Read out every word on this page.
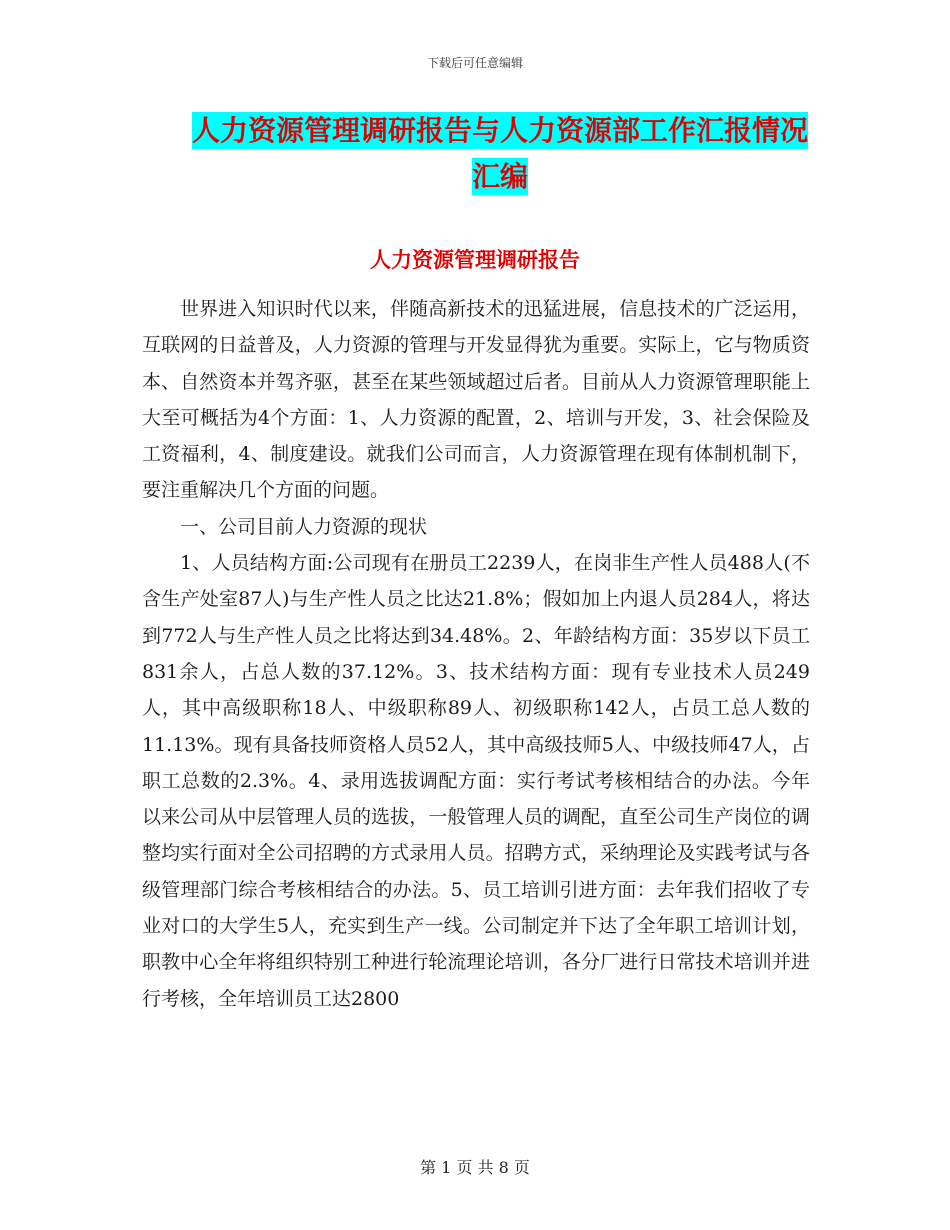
下载后可任意编辑
人力资源管理调研报告与人力资源部工作汇报情况汇编
人力资源管理调研报告

世界进入知识时代以来，伴随高新技术的迅猛进展，信息技术的广泛运用，互联网的日益普及，人力资源的管理与开发显得犹为重要。实际上，它与物质资本、自然资本并驾齐驱，甚至在某些领域超过后者。目前从人力资源管理职能上大至可概括为4个方面：1、人力资源的配置，2、培训与开发，3、社会保险及工资福利，4、制度建设。就我们公司而言，人力资源管理在现有体制机制下，要注重解决几个方面的问题。

一、公司目前人力资源的现状

1、人员结构方面:公司现有在册员工2239人，在岗非生产性人员488人(不含生产处室87人)与生产性人员之比达21.8%；假如加上内退人员284人，将达到772人与生产性人员之比将达到34.48%。2、年龄结构方面：35岁以下员工831余人，占总人数的37.12%。3、技术结构方面：现有专业技术人员249人，其中高级职称18人、中级职称89人、初级职称142人，占员工总人数的11.13%。现有具备技师资格人员52人，其中高级技师5人、中级技师47人，占职工总数的2.3%。4、录用选拔调配方面：实行考试考核相结合的办法。今年以来公司从中层管理人员的选拔，一般管理人员的调配，直至公司生产岗位的调整均实行面对全公司招聘的方式录用人员。招聘方式，采纳理论及实践考试与各级管理部门综合考核相结合的办法。5、员工培训引进方面：去年我们招收了专业对口的大学生5人，充实到生产一线。公司制定并下达了全年职工培训计划，职教中心全年将组织特别工种进行轮流理论培训，各分厂进行日常技术培训并进行考核，全年培训员工达2800

第 1 页 共 8 页
